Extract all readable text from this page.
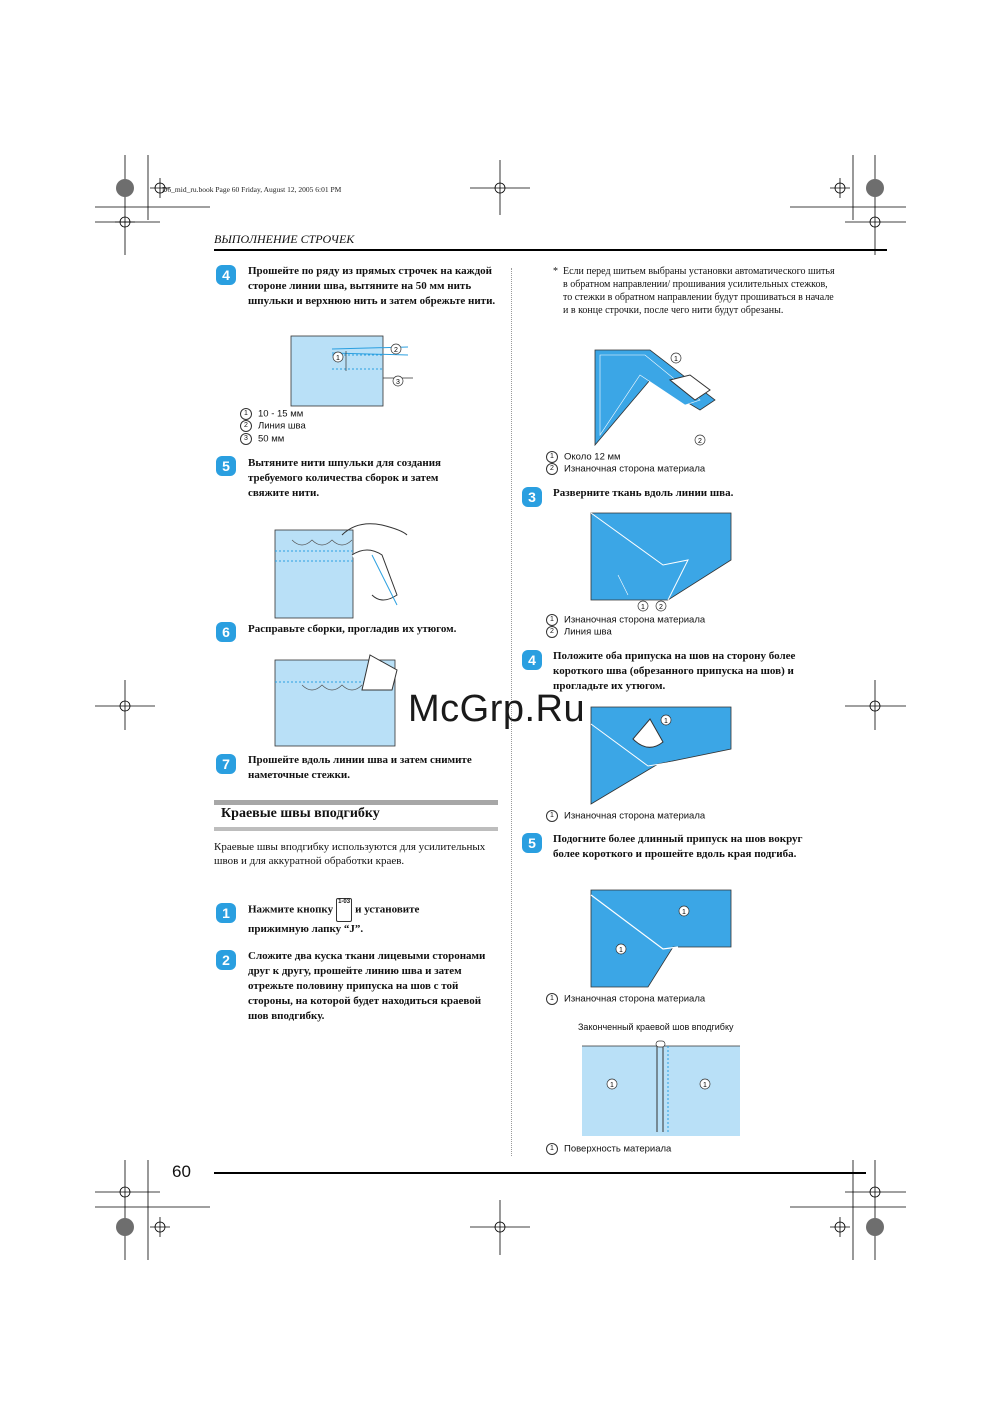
D6_mid_ru.book Page 60 Friday, August 12, 2005 6:01 PM
ВЫПОЛНЕНИЕ СТРОЧЕК
4	Прошейте по ряду из прямых строчек на каждой стороне линии шва, вытяните на 50 мм нить шпульки и верхнюю нить и затем обрежьте нити.
1
2
3
1 10 - 15 мм
2 Линия шва
3 50 мм
5	Вытяните нити шпульки для создания требуемого количества сборок и затем свяжите нити.
6	Расправьте сборки, прогладив их утюгом.
7	Прошейте вдоль линии шва и затем снимите наметочные стежки.
Краевые швы вподгибку
Краевые швы вподгибку используются для усилительных швов и для аккуратной обработки краев.
1	Нажмите кнопку1-03и установите
прижимную лапку “J”.
2	Сложите два куска ткани лицевыми сторонами друг к другу, прошейте линию шва и затем отрежьте половину припуска на шов с той стороны, на которой будет находиться краевой шов вподгибку.
* Если перед шитьем выбраны установки автоматического шитья в обратном направлении/ прошивания усилительных стежков, то стежки в обратном направлении будут прошиваться в начале и в конце строчки, после чего нити будут обрезаны.
1
2
1 Около 12 мм
2 Изнаночная сторона материала
3	Разверните ткань вдоль линии шва.
1 2
1 Изнаночная сторона материала
2 Линия шва
4	Положите оба припуска на шов на сторону более короткого шва (обрезанного припуска на шов) и прогладьте их утюгом.
1
1 Изнаночная сторона материала
5	Подогните более длинный припуск на шов вокруг более короткого и прошейте вдоль края подгиба.
1
1
1 Изнаночная сторона материала
Законченный краевой шов вподгибку
1	1
1 Поверхность материала
McGrp.Ru
60
